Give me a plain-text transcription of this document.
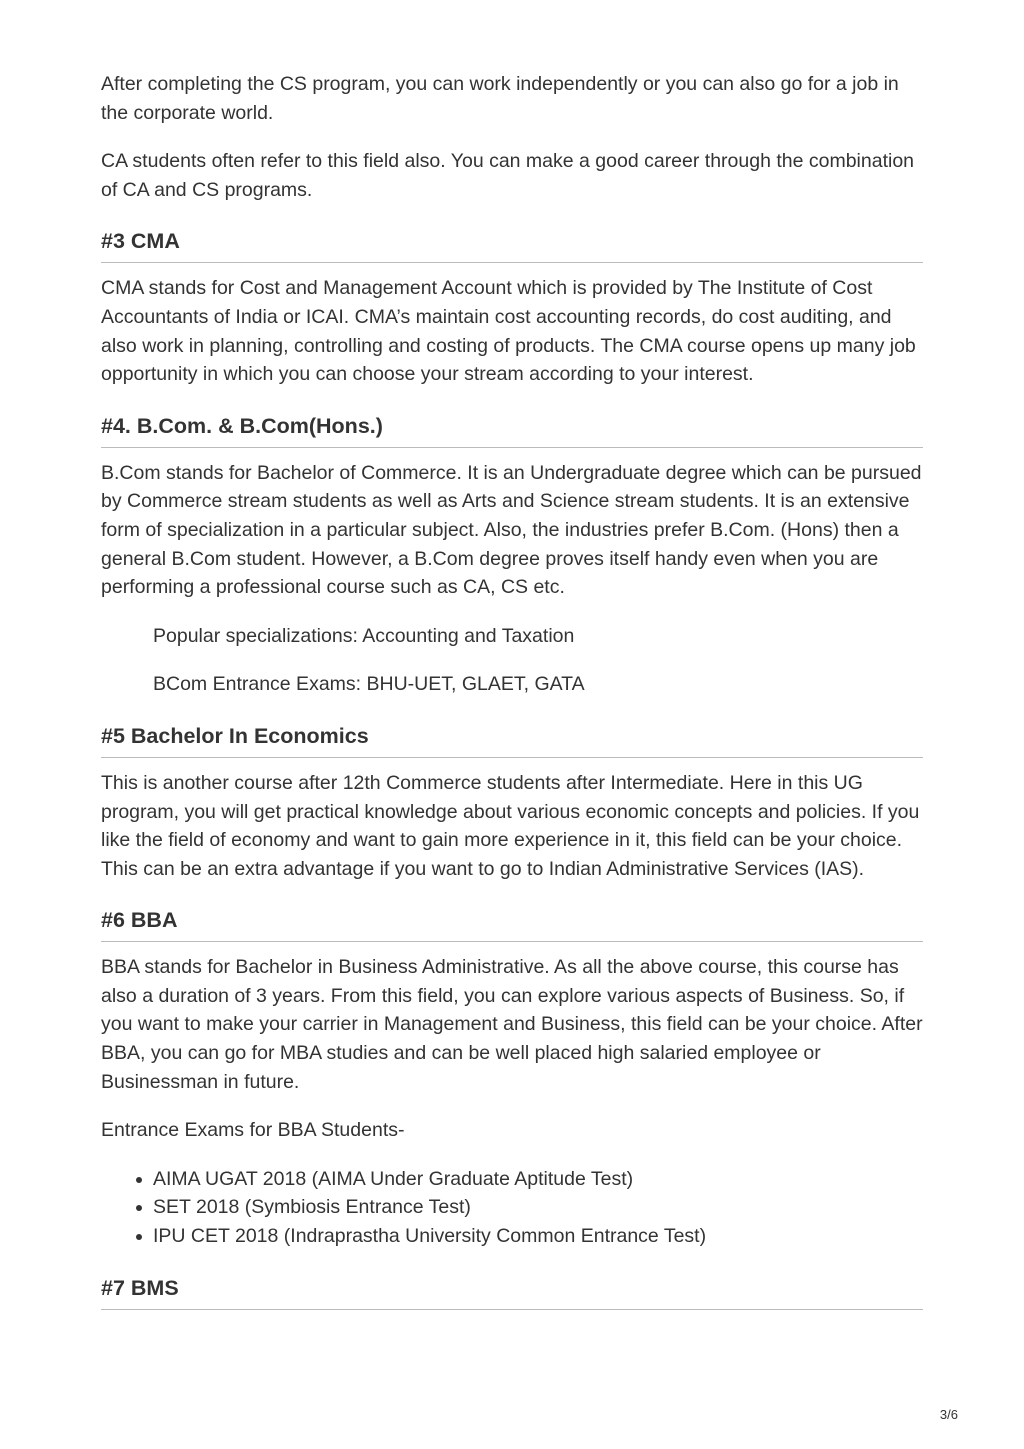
After completing the CS program, you can work independently or you can also go for a job in the corporate world.

CA students often refer to this field also. You can make a good career through the combination of CA and CS programs.

#3 CMA

CMA stands for Cost and Management Account which is provided by The Institute of Cost Accountants of India or ICAI. CMA’s maintain cost accounting records, do cost auditing, and also work in planning, controlling and costing of products. The CMA course opens up many job opportunity in which you can choose your stream according to your interest.

#4. B.Com. & B.Com(Hons.)

B.Com stands for Bachelor of Commerce. It is an Undergraduate degree which can be pursued by Commerce stream students as well as Arts and Science stream students. It is an extensive form of specialization in a particular subject. Also, the industries prefer B.Com. (Hons) then a general B.Com student. However, a B.Com degree proves itself handy even when you are performing a professional course such as CA, CS etc.

Popular specializations: Accounting and Taxation

BCom Entrance Exams: BHU-UET, GLAET, GATA

#5 Bachelor In Economics

This is another course after 12th Commerce students after Intermediate. Here in this UG program, you will get practical knowledge about various economic concepts and policies. If you like the field of economy and want to gain more experience in it, this field can be your choice. This can be an extra advantage if you want to go to Indian Administrative Services (IAS).

#6 BBA

BBA stands for Bachelor in Business Administrative. As all the above course, this course has also a duration of 3 years. From this field, you can explore various aspects of Business. So, if you want to make your carrier in Management and Business, this field can be your choice. After BBA, you can go for MBA studies and can be well placed high salaried employee or Businessman in future.

Entrance Exams for BBA Students-

AIMA UGAT 2018 (AIMA Under Graduate Aptitude Test)
SET 2018 (Symbiosis Entrance Test)
IPU CET 2018 (Indraprastha University Common Entrance Test)
#7 BMS
3/6
